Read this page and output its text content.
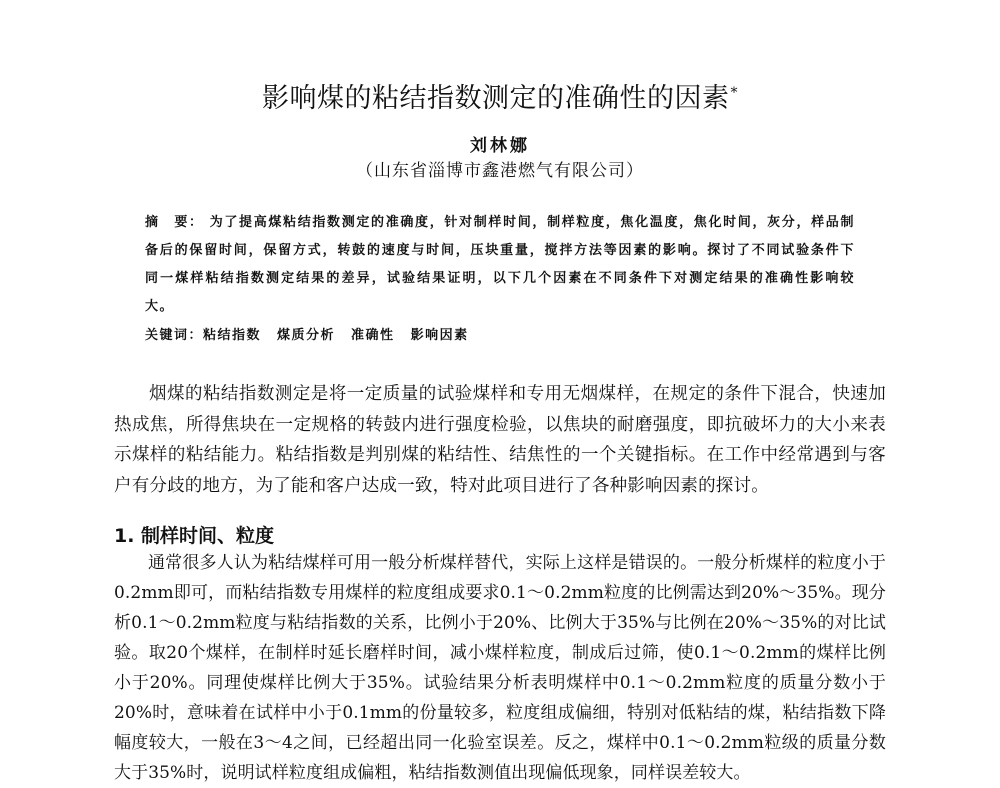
影响煤的粘结指数测定的准确性的因素*
刘林娜
（山东省淄博市鑫港燃气有限公司）
摘　要： 为了提高煤粘结指数测定的准确度，针对制样时间，制样粒度，焦化温度，焦化时间，灰分，样品制备后的保留时间，保留方式，转鼓的速度与时间，压块重量，搅拌方法等因素的影响。探讨了不同试验条件下同一煤样粘结指数测定结果的差异，试验结果证明，以下几个因素在不同条件下对测定结果的准确性影响较大。
关键词：粘结指数 煤质分析 准确性 影响因素
烟煤的粘结指数测定是将一定质量的试验煤样和专用无烟煤样，在规定的条件下混合，快速加热成焦，所得焦块在一定规格的转鼓内进行强度检验，以焦块的耐磨强度，即抗破坏力的大小来表示煤样的粘结能力。粘结指数是判别煤的粘结性、结焦性的一个关键指标。在工作中经常遇到与客户有分歧的地方，为了能和客户达成一致，特对此项目进行了各种影响因素的探讨。
1. 制样时间、粒度
通常很多人认为粘结煤样可用一般分析煤样替代，实际上这样是错误的。一般分析煤样的粒度小于0.2mm即可，而粘结指数专用煤样的粒度组成要求0.1～0.2mm粒度的比例需达到20%～35%。现分析0.1～0.2mm粒度与粘结指数的关系，比例小于20%、比例大于35%与比例在20%～35%的对比试验。取20个煤样，在制样时延长磨样时间，减小煤样粒度，制成后过筛，使0.1～0.2mm的煤样比例小于20%。同理使煤样比例大于35%。试验结果分析表明煤样中0.1～0.2mm粒度的质量分数小于20%时，意味着在试样中小于0.1mm的份量较多，粒度组成偏细，特别对低粘结的煤，粘结指数下降幅度较大，一般在3～4之间，已经超出同一化验室误差。反之，煤样中0.1～0.2mm粒级的质量分数大于35%时，说明试样粒度组成偏粗，粘结指数测值出现偏低现象，同样误差较大。
